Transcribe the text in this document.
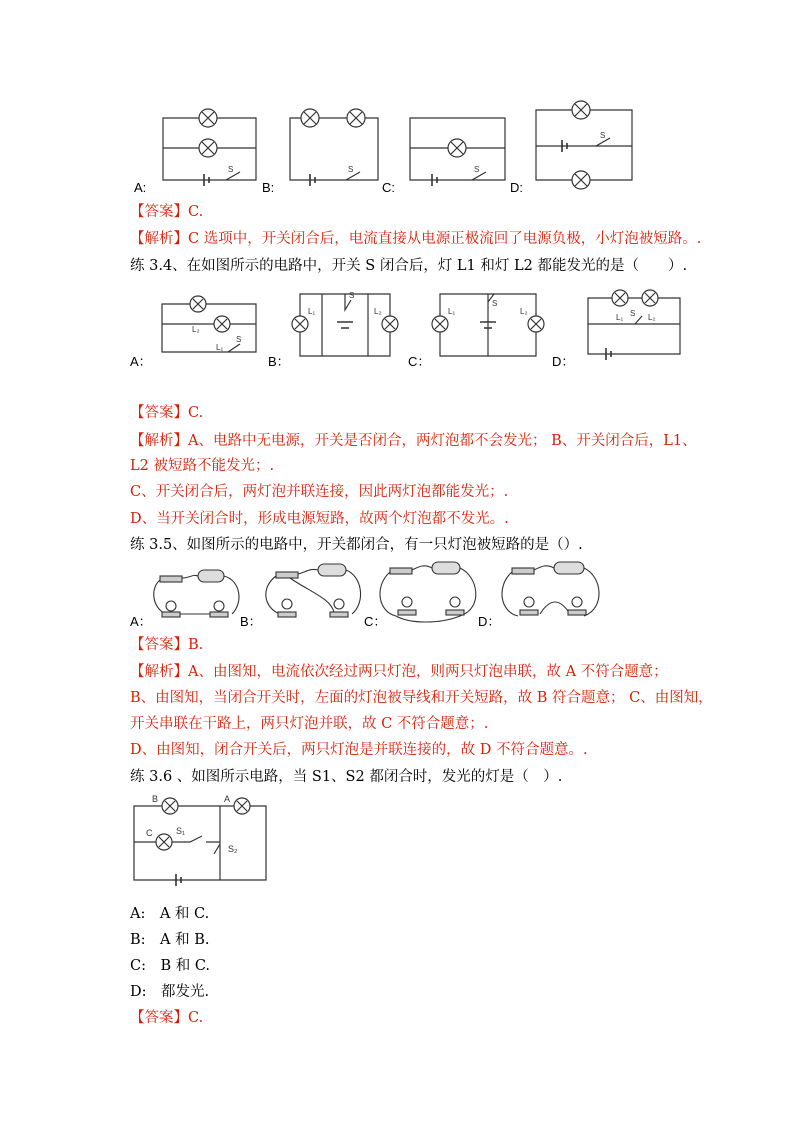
S	S	S
S
A:	B:	C:	D:
【答案】C.
【解析】C 选项中，开关闭合后，电流直接从电源正极流回了电源负极，小灯泡被短路。.
练 3.4、在如图所示的电路中，开关 S 闭合后，灯 L1 和灯 L2 都能发光的是（　　）.
L₂
L₁
S
L₁	L₂
S
L₁	L₂
S
L₁ S L₂
A：	B：	C：	D：
【答案】C.
【解析】A、电路中无电源，开关是否闭合，两灯泡都不会发光； B、开关闭合后，L1、
L2 被短路不能发光；.
C、开关闭合后，两灯泡并联连接，因此两灯泡都能发光；.
D、当开关闭合时，形成电源短路，故两个灯泡都不发光。.
练 3.5、如图所示的电路中，开关都闭合，有一只灯泡被短路的是（）.
A：	B：	C：	D：
【答案】B.
【解析】A、由图知，电流依次经过两只灯泡，则两只灯泡串联，故 A 不符合题意；
B、由图知，当闭合开关时，左面的灯泡被导线和开关短路，故 B 符合题意； C、由图知，
开关串联在干路上，两只灯泡并联，故 C 不符合题意；.
D、由图知，闭合开关后，两只灯泡是并联连接的，故 D 不符合题意。.
练 3.6 、如图所示电路，当 S1、S2 都闭合时，发光的灯是（　）.
B	A
C	S₁
S₂
A:　A 和 C.
B:　A 和 B.
C:　B 和 C.
D:　都发光.
【答案】C.
